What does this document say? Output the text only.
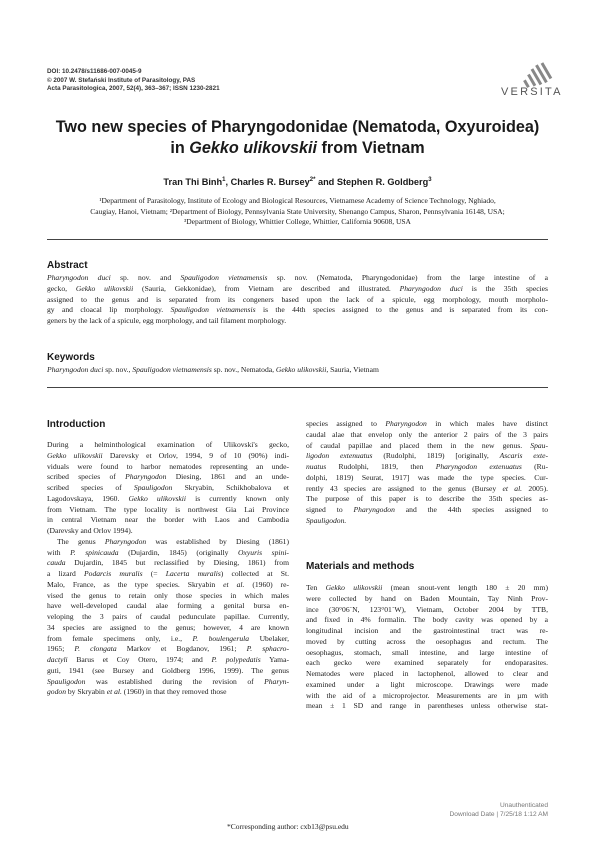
DOI: 10.2478/s11686-007-0045-9
© 2007 W. Stefański Institute of Parasitology, PAS
Acta Parasitologica, 2007, 52(4), 363–367; ISSN 1230-2821	VERSITA
Two new species of Pharyngodonidae (Nematoda, Oxyuroidea)
in Gekko ulikovskii from Vietnam
Tran Thi Binh$^1$, Charles R. Bursey$^{2*}$ and Stephen R. Goldberg$^3$
¹Department of Parasitology, Institute of Ecology and Biological Resources, Vietnamese Academy of Science Technology, Nghiado,
Caugiay, Hanoi, Vietnam; ²Department of Biology, Pennsylvania State University, Shenango Campus, Sharon, Pennsylvania 16148, USA;
³Department of Biology, Whittier College, Whittier, California 90608, USA
Abstract
Pharyngodon duci sp. nov. and Spauligodon vietnamensis sp. nov. (Nematoda, Pharyngodonidae) from the large intestine of a
gecko, Gekko ulikovskii (Sauria, Gekkonidae), from Vietnam are described and illustrated. Pharyngodon duci is the 35th species
assigned to the genus and is separated from its congeners based upon the lack of a spicule, egg morphology, mouth morpholo-
gy and cloacal lip morphology. Spauligodon vietnamensis is the 44th species assigned to the genus and is separated from its con-
geners by the lack of a spicule, egg morphology, and tail filament morphology.
Keywords
Pharyngodon duci sp. nov., Spauligodon vietnamensis sp. nov., Nematoda, Gekko ulikovskii, Sauria, Vietnam
Introduction
During a helminthological examination of Ulikovski's gecko,
Gekko ulikovskii Darevsky et Orlov, 1994, 9 of 10 (90%) indi-
viduals were found to harbor nematodes representing an unde-
scribed species of Pharyngodon Diesing, 1861 and an unde-
scribed species of Spauligodon Skryabin, Schikhobalova et
Lagodovskaya, 1960. Gekko ulikovskii is currently known only
from Vietnam. The type locality is northwest Gia Lai Province
in central Vietnam near the border with Laos and Cambodia
(Darevsky and Orlov 1994).
The genus Pharyngodon was established by Diesing (1861)
with P. spinicauda (Dujardin, 1845) (originally Oxyuris spini-
cauda Dujardin, 1845 but reclassified by Diesing, 1861) from
a lizard Podarcis muralis (= Lacerta muralis) collected at St.
Malo, France, as the type species. Skryabin et al. (1960) re-
vised the genus to retain only those species in which males
have well-developed caudal alae forming a genital bursa en-
veloping the 3 pairs of caudal pedunculate papillae. Currently,
34 species are assigned to the genus; however, 4 are known
from female specimens only, i.e., P. boulengerula Ubelaker,
1965; P. clongata Markov et Bogdanov, 1961; P. sphacro-
dactyli Barus et Coy Otero, 1974; and P. polypedatis Yama-
guti, 1941 (see Bursey and Goldberg 1996, 1999). The genus
Spauligodon was established during the revision of Pharyn-
godon by Skryabin et al. (1960) in that they removed those
species assigned to Pharyngodon in which males have distinct
caudal alae that envelop only the anterior 2 pairs of the 3 pairs
of caudal papillae and placed them in the new genus. Spau-
ligodon extenuatus (Rudolphi, 1819) [originally, Ascaris exte-
nuatus Rudolphi, 1819, then Pharyngodon extenuatus (Ru-
dolphi, 1819) Seurat, 1917] was made the type species. Cur-
rently 43 species are assigned to the genus (Bursey et al. 2005).
The purpose of this paper is to describe the 35th species as-
signed to Pharyngodon and the 44th species assigned to
Spauligodon.
Materials and methods
Ten Gekko ulikovskii (mean snout-vent length 180 ± 20 mm)
were collected by hand on Baden Mountain, Tay Ninh Prov-
ince (30°06´N, 123°01´W), Vietnam, October 2004 by TTB,
and fixed in 4% formalin. The body cavity was opened by a
longitudinal incision and the gastrointestinal tract was re-
moved by cutting across the oesophagus and rectum. The
oesophagus, stomach, small intestine, and large intestine of
each gecko were examined separately for endoparasites.
Nematodes were placed in lactophenol, allowed to clear and
examined under a light microscope. Drawings were made
with the aid of a microprojector. Measurements are in µm with
mean ± 1 SD and range in parentheses unless otherwise stat-
*Corresponding author: cxb13@psu.edu
Unauthenticated
Download Date | 7/25/18 1:12 AM
